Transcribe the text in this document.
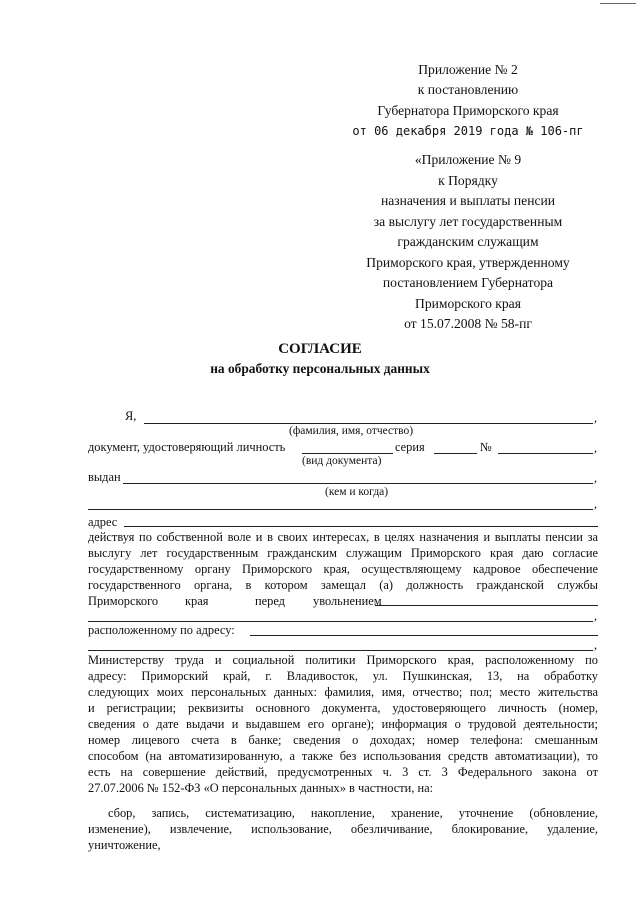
Приложение № 2
к постановлению
Губернатора Приморского края
от 06 декабря 2019 года № 106-пг
«Приложение № 9
к Порядку
назначения и выплаты пенсии
за выслугу лет государственным
гражданским служащим
Приморского края, утвержденному
постановлением Губернатора
Приморского края
от 15.07.2008 № 58-пг
СОГЛАСИЕ
на обработку персональных данных
Я,	,
(фамилия, имя, отчество)
документ, удостоверяющий личность	серия	№	,
(вид документа)
выдан	,
(кем и когда)
,
адрес
действуя по собственной воле и в своих интересах, в целях назначения и выплаты пенсии за
выслугу лет государственным гражданским служащим Приморского края даю согласие
государственному органу Приморского края, осуществляющему кадровое обеспечение
государственного органа, в котором замещал (а) должность гражданской службы
Приморского края	перед увольнением
,
расположенному по адресу:
,
Министерству труда и социальной политики Приморского края, расположенному по
адресу: Приморский край, г. Владивосток, ул. Пушкинская, 13, на обработку
следующих моих персональных данных: фамилия, имя, отчество; пол; место жительства
и регистрации; реквизиты основного документа, удостоверяющего личность (номер,
сведения о дате выдачи и выдавшем его органе); информация о трудовой деятельности;
номер лицевого счета в банке; сведения о доходах; номер телефона: смешанным
способом (на автоматизированную, а также без использования средств автоматизации), то
есть на совершение действий, предусмотренных ч. 3 ст. 3 Федерального закона от
27.07.2006 № 152-ФЗ «О персональных данных» в частности, на:
сбор, запись, систематизацию, накопление, хранение, уточнение (обновление,
изменение), извлечение, использование, обезличивание, блокирование, удаление,
уничтожение,
